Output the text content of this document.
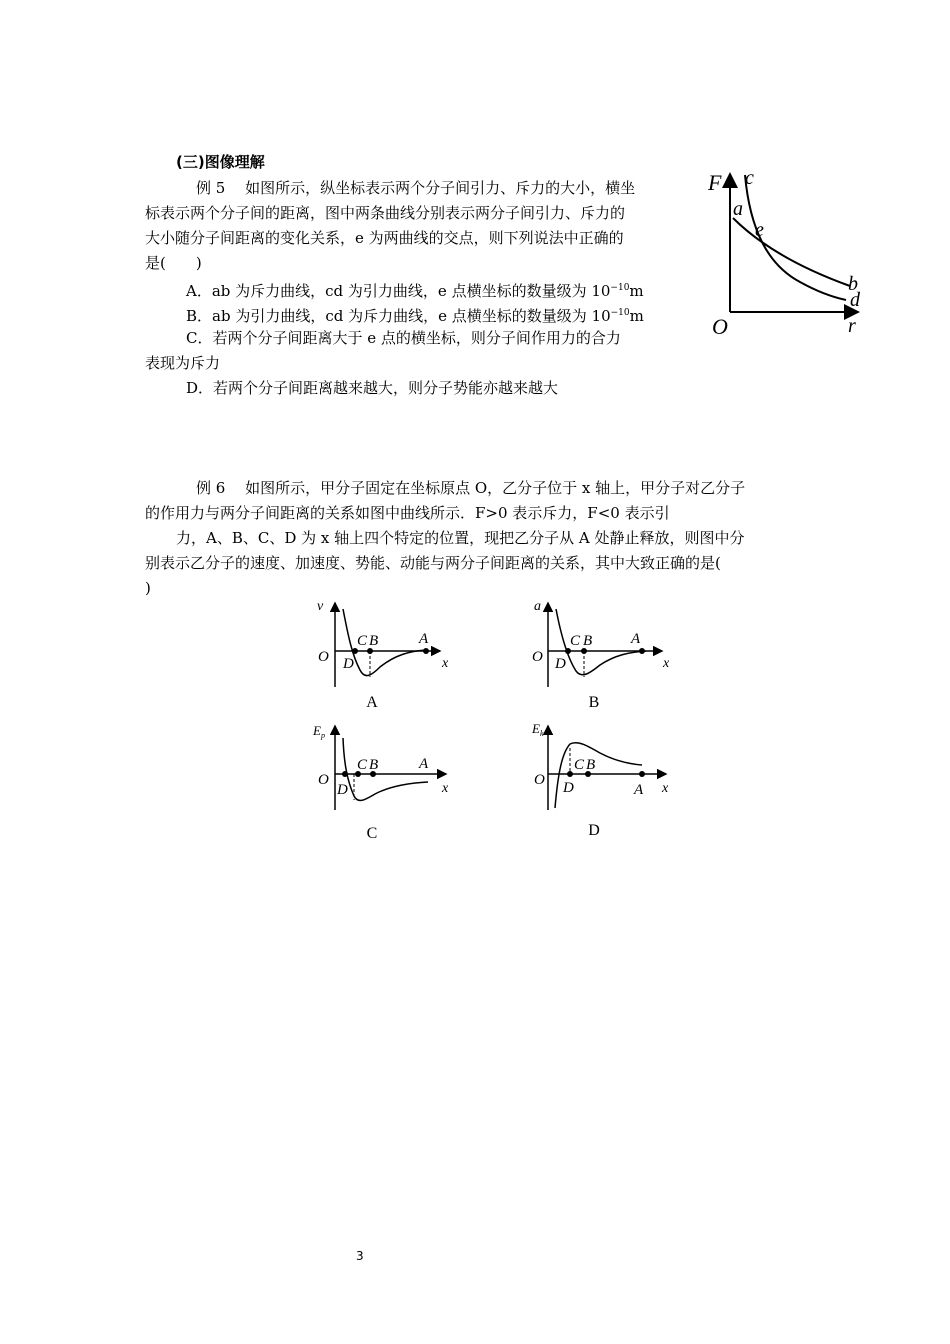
(三)图像理解
例 5　 如图所示，纵坐标表示两个分子间引力、斥力的大小，横坐
标表示两个分子间的距离，图中两条曲线分别表示两分子间引力、斥力的
大小随分子间距离的变化关系，e 为两曲线的交点，则下列说法中正确的
是(　　)
A．ab 为斥力曲线，cd 为引力曲线，e 点横坐标的数量级为 $10^{-10}m$
B．ab 为引力曲线，cd 为斥力曲线，e 点横坐标的数量级为 $10^{-10}m$
C．若两个分子间距离大于 e 点的横坐标，则分子间作用力的合力
表现为斥力
D．若两个分子间距离越来越大，则分子势能亦越来越大
F c
a
e
b
d
O	r
例 6　 如图所示，甲分子固定在坐标原点 O，乙分子位于 x 轴上，甲分子对乙分子
的作用力与两分子间距离的关系如图中曲线所示．F>0 表示斥力，F<0 表示引
力，A、B、C、D 为 x 轴上四个特定的位置，现把乙分子从 A 处静止释放，则图中分
别表示乙分子的速度、加速度、势能、动能与两分子间距离的关系，其中大致正确的是(
)
v
O	x
C B	A
D
A
a
O	x
C B	A
D
B
$E_p$
O
x
C B	A
D
C
$E_k$
O
x
C B
A
D
D
3
